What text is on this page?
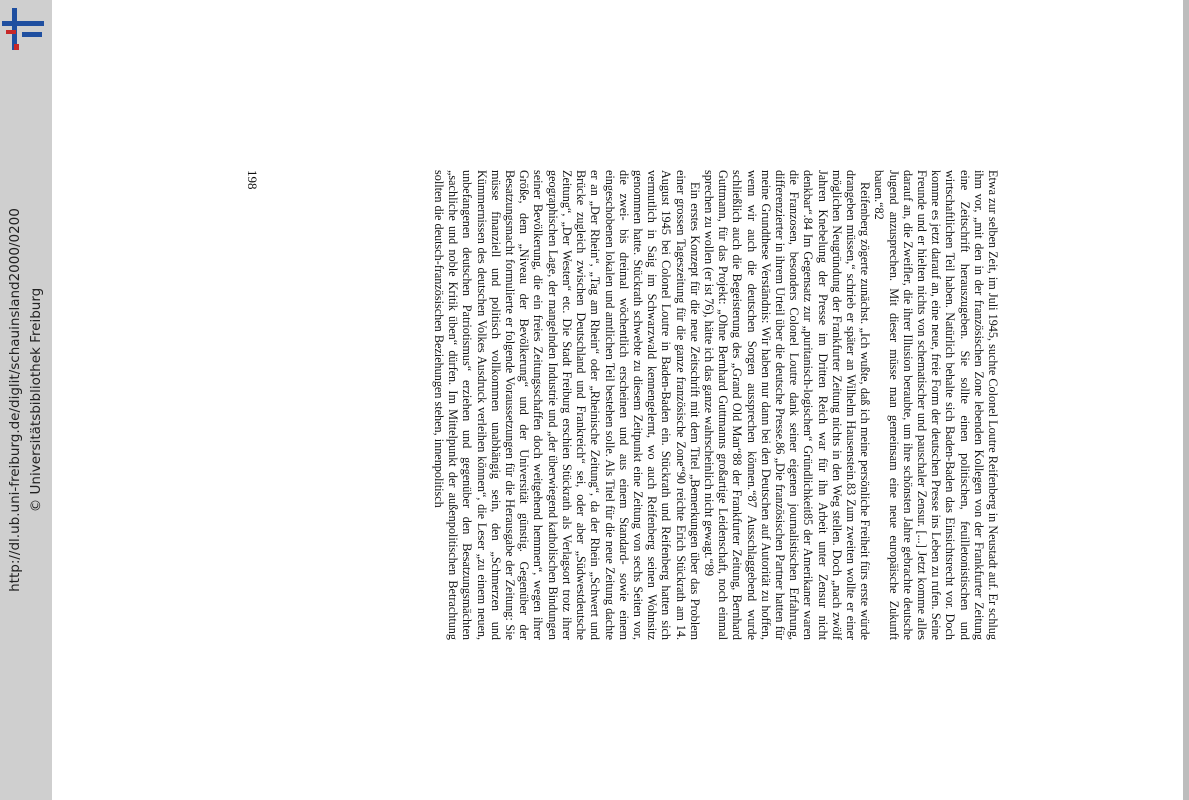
http://dl.ub.uni-freiburg.de/diglit/schauinsland2000/0200 © Universitätsbibliothek Freiburg	Etwa zur selben Zeit, im Juli 1945, suchte Colonel Loutre Reifenberg in Neustadt auf. Er schlug ihm vor, „mit den in der französischen Zone lebenden Kollegen von der Frankfurter Zeitung eine Zeitschrift herauszugeben. Sie sollte einen politischen, feuilletonistischen und wirtschaftlichen Teil haben. Natürlich behalte sich Baden-Baden das Einsichtsrecht vor. Doch komme es jetzt darauf an, eine neue, freie Form der deutschen Presse ins Leben zu rufen. Seine Freunde und er hielten nichts von schematischer und pauschaler Zensur. [...] Jetzt komme alles darauf an, die Zweifler, die ihrer Illusion beraubte, um ihre schönsten Jahre gebrachte deutsche Jugend anzusprechen. Mit dieser müsse man gemeinsam eine neue europäische Zukunft bauen.“82

Reifenberg zögerte zunächst. „Ich wußte, daß ich meine persönliche Freiheit fürs erste würde drangeben müssen,“ schrieb er später an Wilhelm Hausenstein.83 Zum zweiten wollte er einer möglichen Neugründung der Frankfurter Zeitung nichts in den Weg stellen. Doch „nach zwölf Jahren Knebelung der Presse im Dritten Reich war für ihn Arbeit unter Zensur nicht denkbar“.84 Im Gegensatz zur „puritanisch-logischen“ Gründlichkeit85 der Amerikaner waren die Franzosen, besonders Colonel Loutre dank seiner eigenen journalistischen Erfahrung, differenzierter in ihrem Urteil über die deutsche Presse.86 „Die französischen Partner hatten für meine Grundthese Verständnis: Wir haben nur dann bei den Deutschen auf Autorität zu hoffen, wenn wir auch die deutschen Sorgen aussprechen können.“87 Ausschlaggebend wurde schließlich auch die Begeisterung des „Grand Old Man“88 der Frankfurter Zeitung, Bernhard Guttmann, für das Projekt: „Ohne Bernhard Guttmanns großartige Leidenschaft, noch einmal sprechen zu wollen (er ist 76), hätte ich das ganze wahrscheinlich nicht gewagt.“89

Ein erstes Konzept für die neue Zeitschrift mit dem Titel „Bemerkungen über das Problem einer grossen Tageszeitung für die ganze französische Zone“90 reichte Erich Stückrath am 14. August 1945 bei Colonel Loutre in Baden-Baden ein. Stückrath und Reifenberg hatten sich vermutlich in Saig im Schwarzwald kennengelernt, wo auch Reifenberg seinen Wohnsitz genommen hatte. Stückrath schwebte zu diesem Zeitpunkt eine Zeitung von sechs Seiten vor, die zwei- bis dreimal wöchentlich erscheinen und aus einem Standard- sowie einem eingeschobenen lokalen und amtlichen Teil bestehen solle. Als Titel für die neue Zeitung dachte er an „Der Rhein“, „Tag am Rhein“ oder „Rheinische Zeitung“, da der Rhein „Schwert und Brücke zugleich zwischen Deutschland und Frankreich“ sei, oder aber „Südwestdeutsche Zeitung“, „Der Westen“ etc. Die Stadt Freiburg erschien Stückrath als Verlagsort trotz ihrer geographischen Lage, der mangelnden Industrie und „der überwiegend katholischen Bindungen seiner Bevölkerung, die ein freies Zeitungsschaffen doch weitgehend hemmen“, wegen ihrer Größe, dem „Niveau der Bevölkerung“ und der Universität günstig. Gegenüber der Besatzungsmacht formulierte er folgende Voraussetzungen für die Herausgabe der Zeitung: Sie müsse finanziell und politisch vollkommen unabhängig sein, den „Schmerzen und Kümmernissen des deutschen Volkes Ausdruck verleihen können“, die Leser „zu einem neuen, unbefangenen deutschen Patriotismus“ erziehen und gegenüber den Besatzungsmächten „sachliche und noble Kritik üben“ dürfen. Im Mittelpunkt der außenpolitischen Betrachtung sollten die deutsch-französischen Beziehungen stehen, innenpolitisch

198
